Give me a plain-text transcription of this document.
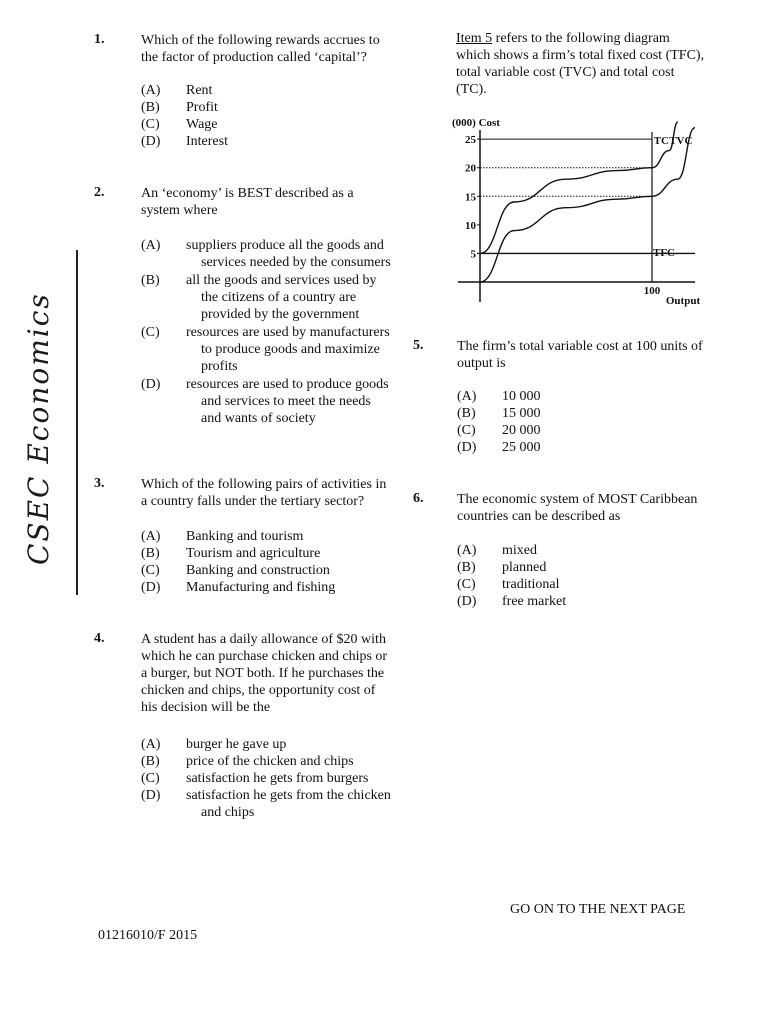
CSEC Economics
1.	Which of the following rewards accrues to the factor of production called ‘capital’?
(A)	Rent
(B)	Profit
(C)	Wage
(D)	Interest
2.	An ‘economy’ is BEST described as a system where
(A)	suppliers produce all the goods and services needed by the consumers
(B)	all the goods and services used by the citizens of a country are provided by the government
(C)	resources are used by manufacturers to produce goods and maximize profits
(D)	resources are used to produce goods and services to meet the needs and wants of society
3.	Which of the following pairs of activities in a country falls under the tertiary sector?
(A)	Banking and tourism
(B)	Tourism and agriculture
(C)	Banking and construction
(D)	Manufacturing and fishing
4.	A student has a daily allowance of $20 with which he can purchase chicken and chips or a burger, but NOT both. If he purchases the chicken and chips, the opportunity cost of his decision will be the
(A)	burger he gave up
(B)	price of the chicken and chips
(C)	satisfaction he gets from burgers
(D)	satisfaction he gets from the chicken and chips
Item 5 refers to the following diagram which shows a firm’s total fixed cost (TFC), total variable cost (TVC) and total cost (TC).
(000) Cost
Output
5
10
15
20
25
100
TFC
TC TVC
5. The firm’s total variable cost at 100 units of output is
(A)	10 000
(B)	15 000
(C)	20 000
(D)	25 000
6. The economic system of MOST Caribbean countries can be described as
(A)	mixed
(B)	planned
(C)	traditional
(D)	free market
GO ON TO THE NEXT PAGE
01216010/F 2015
